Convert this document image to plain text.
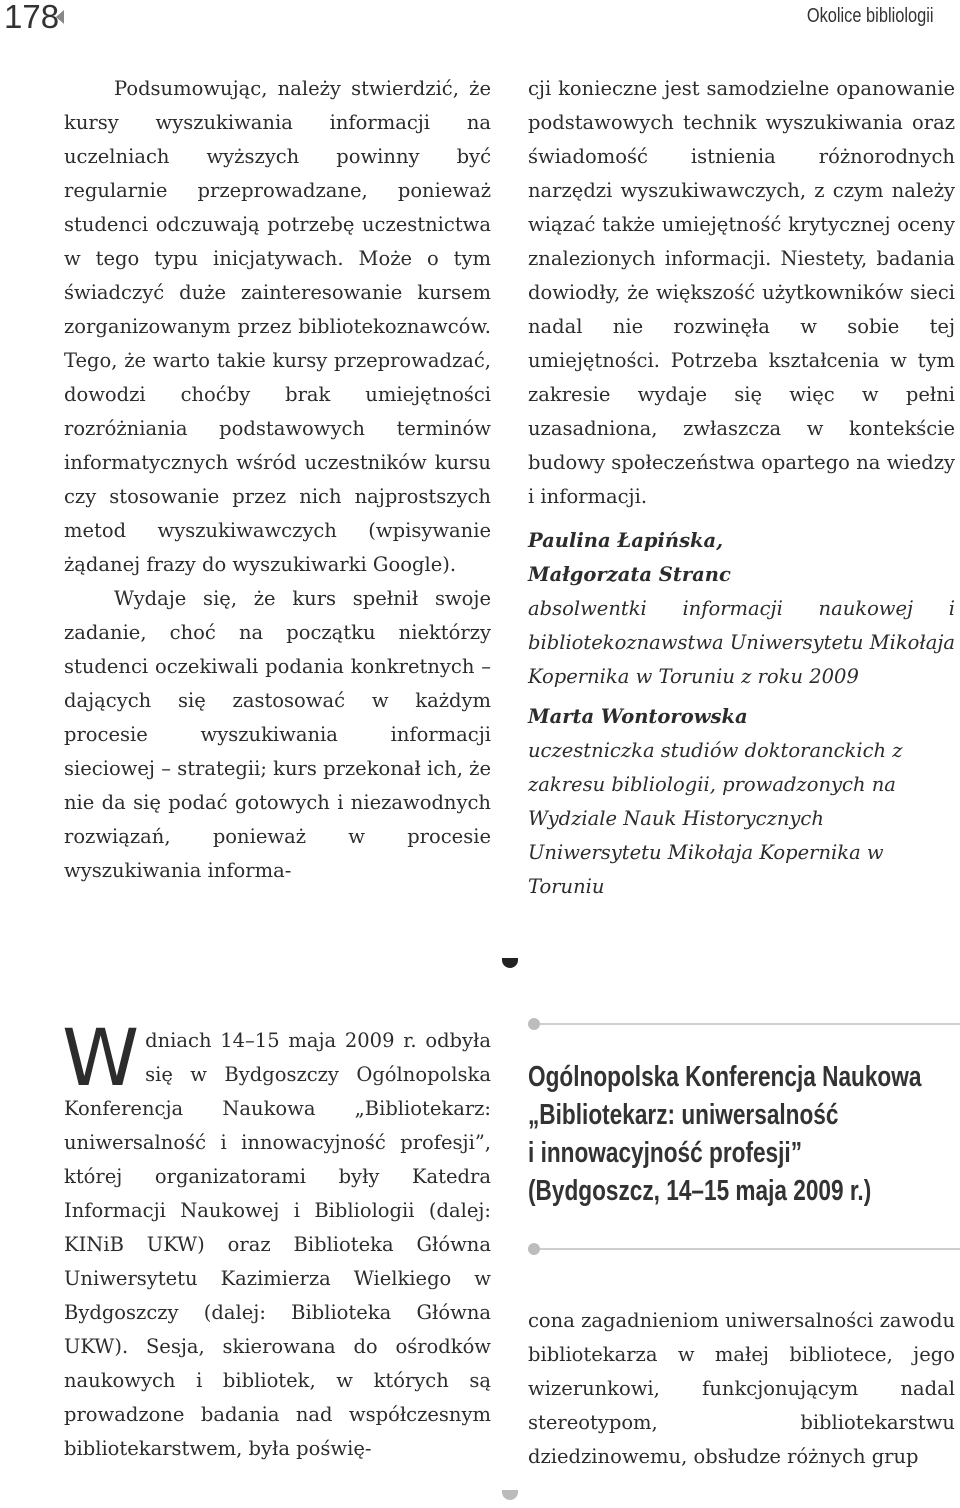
178	Okolice bibliologii

Podsumowując, należy stwierdzić, że kursy wyszukiwania informacji na uczelniach wyższych powinny być regularnie przeprowadzane, ponieważ studenci odczuwają potrzebę uczestnictwa w tego typu inicjatywach. Może o tym świadczyć duże zainteresowanie kursem zorganizowanym przez bibliotekoznawców. Tego, że warto takie kursy przeprowadzać, dowodzi choćby brak umiejętności rozróżniania podstawowych terminów informatycznych wśród uczestników kursu czy stosowanie przez nich najprostszych metod wyszukiwawczych (wpisywanie żądanej frazy do wyszukiwarki Google).

Wydaje się, że kurs spełnił swoje zadanie, choć na początku niektórzy studenci oczekiwali podania konkretnych – dających się zastosować w każdym procesie wyszukiwania informacji sieciowej – strategii; kurs przekonał ich, że nie da się podać gotowych i niezawodnych rozwiązań, ponieważ w procesie wyszukiwania informa-

cji konieczne jest samodzielne opanowanie podstawowych technik wyszukiwania oraz świadomość istnienia różnorodnych narzędzi wyszukiwawczych, z czym należy wiązać także umiejętność krytycznej oceny znalezionych informacji. Niestety, badania dowiodły, że większość użytkowników sieci nadal nie rozwinęła w sobie tej umiejętności. Potrzeba kształcenia w tym zakresie wydaje się więc w pełni uzasadniona, zwłaszcza w kontekście budowy społeczeństwa opartego na wiedzy i informacji.

Paulina Łapińska,
Małgorzata Stranc
absolwentki informacji naukowej i bibliotekoznawstwa Uniwersytetu Mikołaja Kopernika w Toruniu z roku 2009
Marta Wontorowska
uczestniczka studiów doktoranckich z zakresu bibliologii, prowadzonych na Wydziale Nauk Historycznych Uniwersytetu Mikołaja Kopernika w Toruniu

Wdniach 14–15 maja 2009 r. odbyła się w Bydgoszczy Ogólnopolska Konferencja Naukowa „Bibliotekarz: uniwersalność i innowacyjność profesji”, której organizatorami były Katedra Informacji Naukowej i Bibliologii (dalej: KINiB UKW) oraz Biblioteka Główna Uniwersytetu Kazimierza Wielkiego w Bydgoszczy (dalej: Biblioteka Główna UKW). Sesja, skierowana do ośrodków naukowych i bibliotek, w których są prowadzone badania nad współczesnym bibliotekarstwem, była poświę-

Ogólnopolska Konferencja Naukowa
„Bibliotekarz: uniwersalność
i innowacyjność profesji”
(Bydgoszcz, 14–15 maja 2009 r.)

cona zagadnieniom uniwersalności zawodu bibliotekarza w małej bibliotece, jego wizerunkowi, funkcjonującym nadal stereotypom, bibliotekarstwu dziedzinowemu, obsłudze różnych grup
